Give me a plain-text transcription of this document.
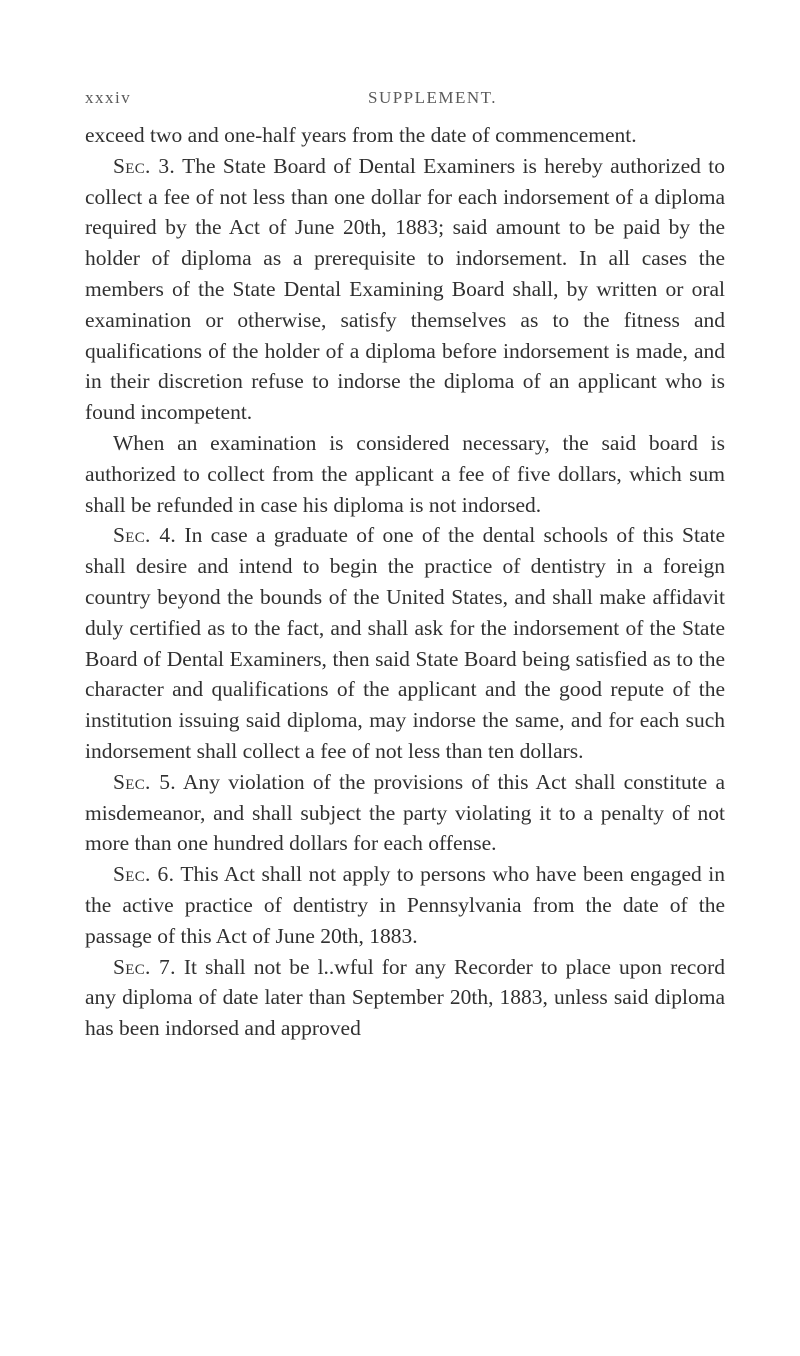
xxxiv	SUPPLEMENT.

exceed two and one-half years from the date of commencement.

Sec. 3. The State Board of Dental Examiners is hereby authorized to collect a fee of not less than one dollar for each indorsement of a diploma required by the Act of June 20th, 1883; said amount to be paid by the holder of diploma as a prerequisite to indorsement. In all cases the members of the State Dental Examining Board shall, by written or oral examination or otherwise, satisfy themselves as to the fitness and qualifications of the holder of a diploma before indorsement is made, and in their discretion refuse to indorse the diploma of an applicant who is found incompetent.

When an examination is considered necessary, the said board is authorized to collect from the applicant a fee of five dollars, which sum shall be refunded in case his diploma is not indorsed.

Sec. 4. In case a graduate of one of the dental schools of this State shall desire and intend to begin the practice of dentistry in a foreign country beyond the bounds of the United States, and shall make affidavit duly certified as to the fact, and shall ask for the indorsement of the State Board of Dental Examiners, then said State Board being satisfied as to the character and qualifications of the applicant and the good repute of the institution issuing said diploma, may indorse the same, and for each such indorsement shall collect a fee of not less than ten dollars.

Sec. 5. Any violation of the provisions of this Act shall constitute a misdemeanor, and shall subject the party violating it to a penalty of not more than one hundred dollars for each offense.

Sec. 6. This Act shall not apply to persons who have been engaged in the active practice of dentistry in Pennsylvania from the date of the passage of this Act of June 20th, 1883.

Sec. 7. It shall not be l..wful for any Recorder to place upon record any diploma of date later than September 20th, 1883, unless said diploma has been indorsed and approved
